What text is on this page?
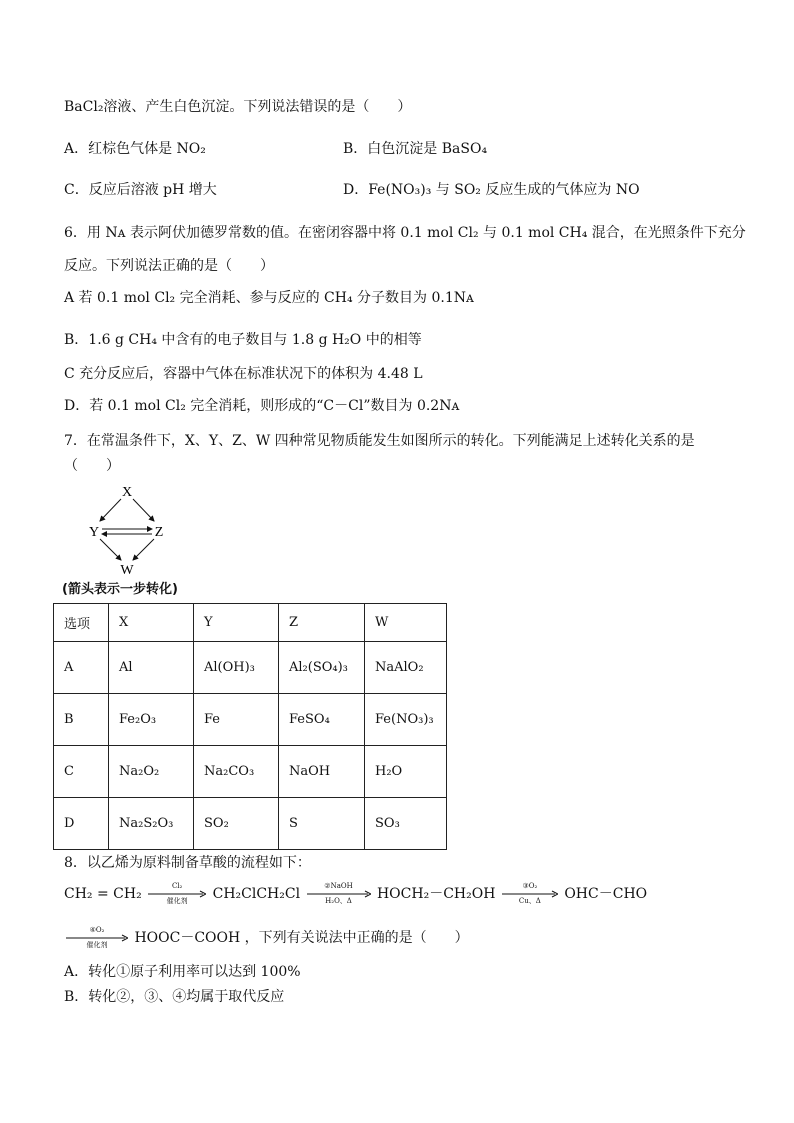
BaCl₂溶液、产生白色沉淀。下列说法错误的是（　　）
A．红棕色气体是 NO₂	B．白色沉淀是 BaSO₄
C．反应后溶液 pH 增大	D．Fe(NO₃)₃ 与 SO₂ 反应生成的气体应为 NO
6．用 Nᴀ 表示阿伏加德罗常数的值。在密闭容器中将 0.1 mol Cl₂ 与 0.1 mol CH₄ 混合，在光照条件下充分
反应。下列说法正确的是（　　）
A 若 0.1 mol Cl₂ 完全消耗、参与反应的 CH₄ 分子数目为 0.1Nᴀ
B．1.6 g CH₄ 中含有的电子数目与 1.8 g H₂O 中的相等
C 充分反应后，容器中气体在标准状况下的体积为 4.48 L
D．若 0.1 mol Cl₂ 完全消耗，则形成的“C－Cl”数目为 0.2Nᴀ
7．在常温条件下，X、Y、Z、W 四种常见物质能发生如图所示的转化。下列能满足上述转化关系的是
（　　）
X
Y	Z
W
(箭头表示一步转化)
选项	X	Y	Z	W
A	Al	Al(OH)₃	Al₂(SO₄)₃	NaAlO₂
B	Fe₂O₃	Fe	FeSO₄	Fe(NO₃)₃
C	Na₂O₂	Na₂CO₃	NaOH	H₂O
D	Na₂S₂O₃	SO₂	S	SO₃
8．以乙烯为原料制备草酸的流程如下：
CH₂ = CH₂	Cl₂
催化剂	CH₂ClCH₂Cl	②NaOH
H₂O、Δ	HOCH₂－CH₂OH	③O₂
Cu、Δ	OHC－CHO
④O₂
催化剂	HOOC－COOH ，下列有关说法中正确的是（　　）
A．转化①原子利用率可以达到 100%
B．转化②，③、④均属于取代反应
